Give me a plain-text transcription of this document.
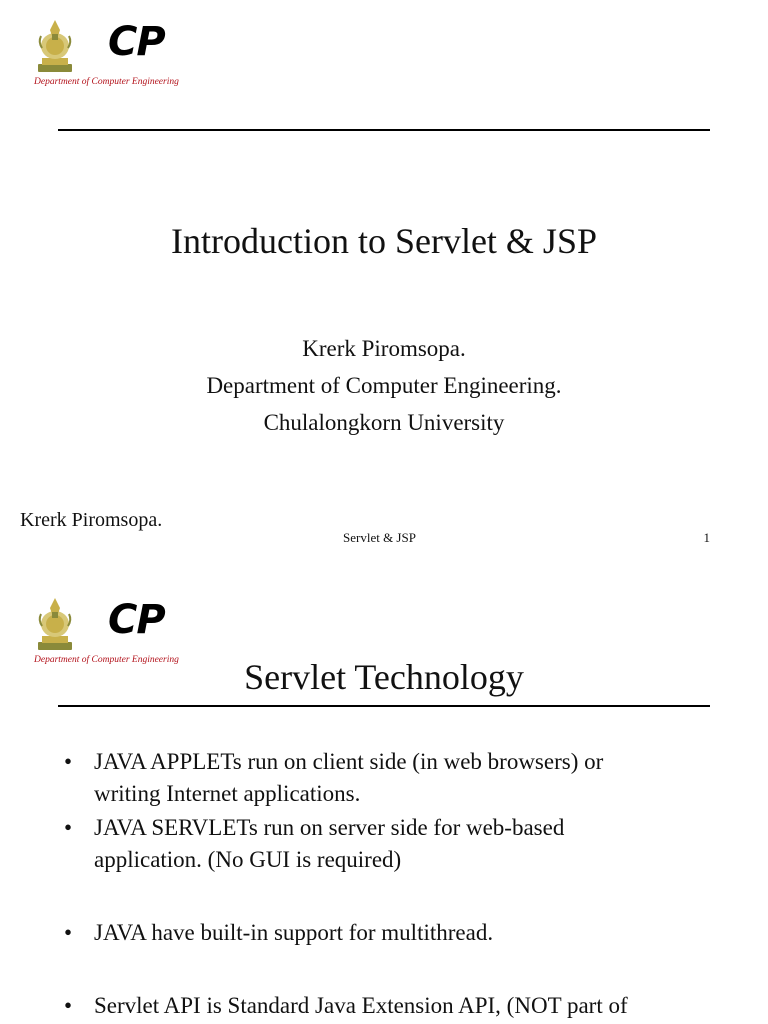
CP
Department of Computer Engineering
Introduction to Servlet & JSP
Krerk Piromsopa.
Department of Computer Engineering.
Chulalongkorn University
Krerk Piromsopa.
Servlet & JSP	1
CP
Department of Computer Engineering	Servlet Technology
• JAVA APPLETs run on client side (in web browsers) or
writing Internet applications.
• JAVA SERVLETs run on server side for web-based
application. (No GUI is required)
• JAVA have built-in support for multithread.
• Servlet API is Standard Java Extension API, (NOT part of
